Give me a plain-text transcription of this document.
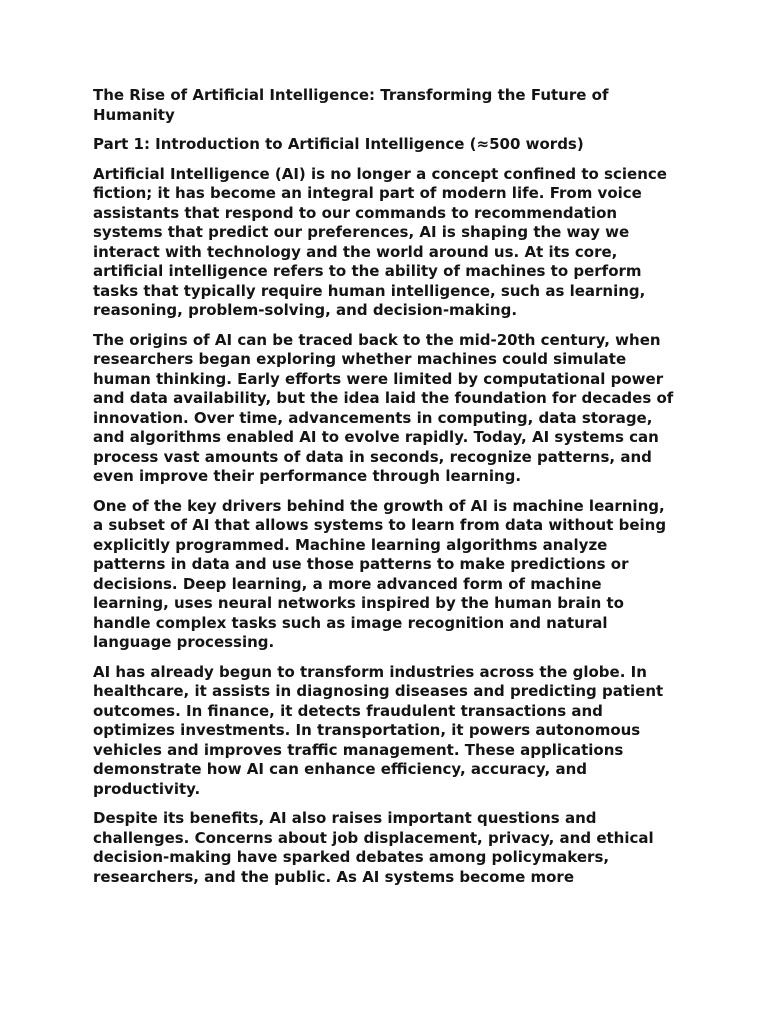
The Rise of Artificial Intelligence: Transforming the Future of Humanity

Part 1: Introduction to Artificial Intelligence (≈500 words)

Artificial Intelligence (AI) is no longer a concept confined to science fiction; it has become an integral part of modern life. From voice assistants that respond to our commands to recommendation systems that predict our preferences, AI is shaping the way we interact with technology and the world around us. At its core, artificial intelligence refers to the ability of machines to perform tasks that typically require human intelligence, such as learning, reasoning, problem-solving, and decision-making.

The origins of AI can be traced back to the mid-20th century, when researchers began exploring whether machines could simulate human thinking. Early efforts were limited by computational power and data availability, but the idea laid the foundation for decades of innovation. Over time, advancements in computing, data storage, and algorithms enabled AI to evolve rapidly. Today, AI systems can process vast amounts of data in seconds, recognize patterns, and even improve their performance through learning.

One of the key drivers behind the growth of AI is machine learning, a subset of AI that allows systems to learn from data without being explicitly programmed. Machine learning algorithms analyze patterns in data and use those patterns to make predictions or decisions. Deep learning, a more advanced form of machine learning, uses neural networks inspired by the human brain to handle complex tasks such as image recognition and natural language processing.

AI has already begun to transform industries across the globe. In healthcare, it assists in diagnosing diseases and predicting patient outcomes. In finance, it detects fraudulent transactions and optimizes investments. In transportation, it powers autonomous vehicles and improves traffic management. These applications demonstrate how AI can enhance efficiency, accuracy, and productivity.

Despite its benefits, AI also raises important questions and challenges. Concerns about job displacement, privacy, and ethical decision-making have sparked debates among policymakers, researchers, and the public. As AI systems become more
